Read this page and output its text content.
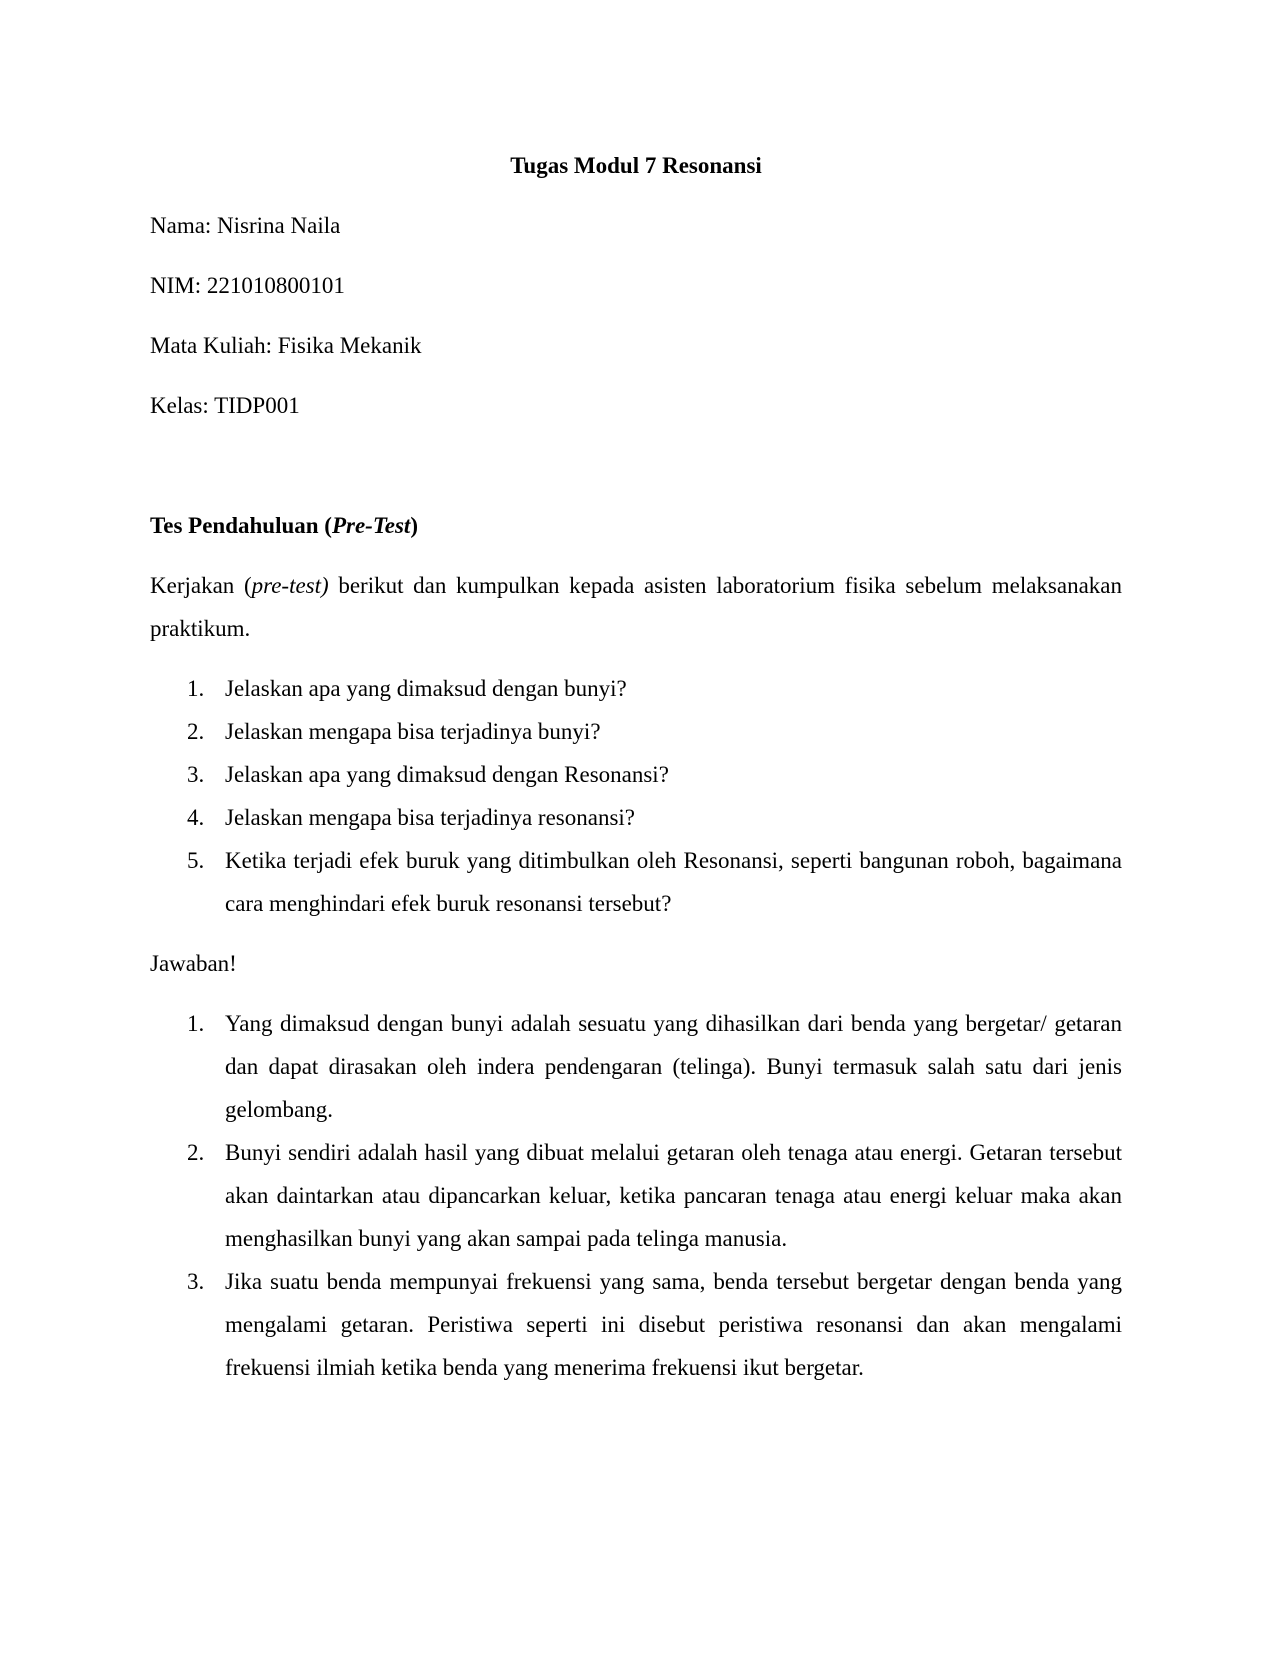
Tugas Modul 7 Resonansi
Nama: Nisrina Naila
NIM: 221010800101
Mata Kuliah: Fisika Mekanik
Kelas: TIDP001
Tes Pendahuluan (Pre-Test)
Kerjakan (pre-test) berikut dan kumpulkan kepada asisten laboratorium fisika sebelum melaksanakan praktikum.
1. Jelaskan apa yang dimaksud dengan bunyi?
2. Jelaskan mengapa bisa terjadinya bunyi?
3. Jelaskan apa yang dimaksud dengan Resonansi?
4. Jelaskan mengapa bisa terjadinya resonansi?
5. Ketika terjadi efek buruk yang ditimbulkan oleh Resonansi, seperti bangunan roboh, bagaimana cara menghindari efek buruk resonansi tersebut?
Jawaban!
1. Yang dimaksud dengan bunyi adalah sesuatu yang dihasilkan dari benda yang bergetar/ getaran dan dapat dirasakan oleh indera pendengaran (telinga). Bunyi termasuk salah satu dari jenis gelombang.
2. Bunyi sendiri adalah hasil yang dibuat melalui getaran oleh tenaga atau energi. Getaran tersebut akan daintarkan atau dipancarkan keluar, ketika pancaran tenaga atau energi keluar maka akan menghasilkan bunyi yang akan sampai pada telinga manusia.
3. Jika suatu benda mempunyai frekuensi yang sama, benda tersebut bergetar dengan benda yang mengalami getaran. Peristiwa seperti ini disebut peristiwa resonansi dan akan mengalami frekuensi ilmiah ketika benda yang menerima frekuensi ikut bergetar.
